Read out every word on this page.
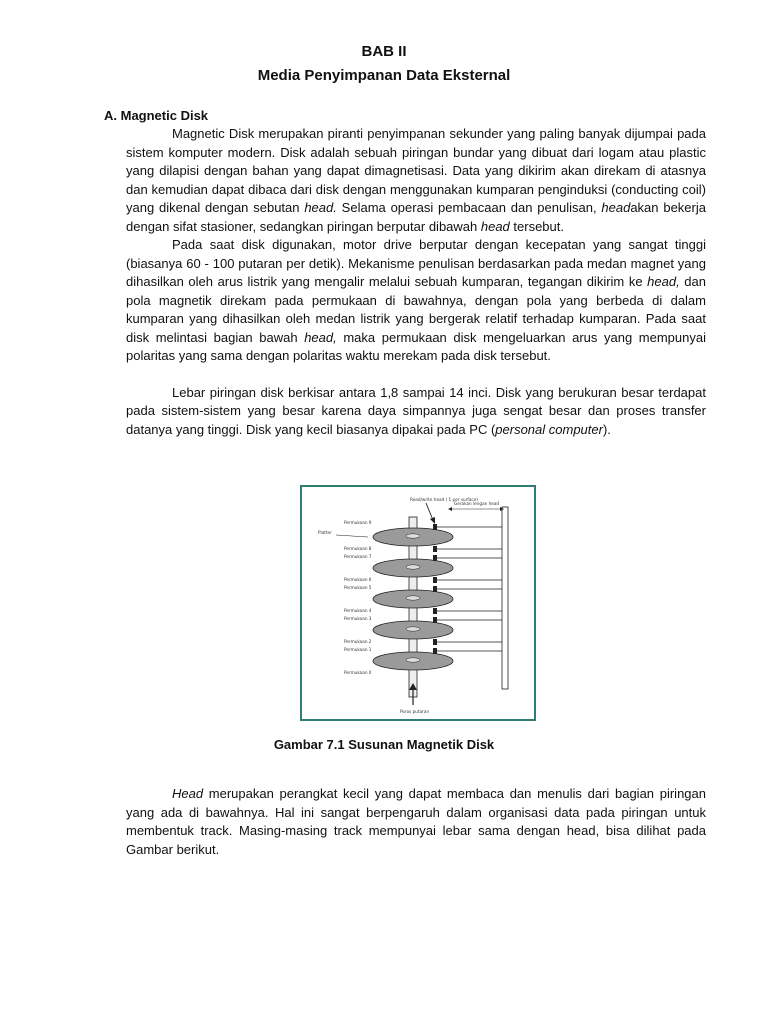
BAB II
Media Penyimpanan Data Eksternal
A. Magnetic Disk

Magnetic Disk merupakan piranti penyimpanan sekunder yang paling banyak dijumpai pada sistem komputer modern. Disk adalah sebuah piringan bundar yang dibuat dari logam atau plastic yang dilapisi dengan bahan yang dapat dimagnetisasi. Data yang dikirim akan direkam di atasnya dan kemudian dapat dibaca dari disk dengan menggunakan kumparan penginduksi (conducting coil) yang dikenal dengan sebutan head. Selama operasi pembacaan dan penulisan, headakan bekerja dengan sifat stasioner, sedangkan piringan berputar dibawah head tersebut.

Pada saat disk digunakan, motor drive berputar dengan kecepatan yang sangat tinggi (biasanya 60 - 100 putaran per detik). Mekanisme penulisan berdasarkan pada medan magnet yang dihasilkan oleh arus listrik yang mengalir melalui sebuah kumparan, tegangan dikirim ke head, dan pola magnetik direkam pada permukaan di bawahnya, dengan pola yang berbeda di dalam kumparan yang dihasilkan oleh medan listrik yang bergerak relatif terhadap kumparan. Pada saat disk melintasi bagian bawah head, maka permukaan disk mengeluarkan arus yang mempunyai polaritas yang sama dengan polaritas waktu merekam pada disk tersebut.

Lebar piringan disk berkisar antara 1,8 sampai 14 inci. Disk yang berukuran besar terdapat pada sistem-sistem yang besar karena daya simpannya juga sengat besar dan proses transfer datanya yang tinggi. Disk yang kecil biasanya dipakai pada PC (personal computer).

Read/write head ( 1 per surface)
Gerakan lengan head
Platter
Permukaan 9
Permukaan 8
Permukaan 7
Permukaan 6
Permukaan 5
Permukaan 4
Permukaan 3
Permukaan 2
Permukaan 1
Permukaan 0
Poros putaran
Gambar 7.1 Susunan Magnetik Disk

Head merupakan perangkat kecil yang dapat membaca dan menulis dari bagian piringan yang ada di bawahnya. Hal ini sangat berpengaruh dalam organisasi data pada piringan untuk membentuk track. Masing-masing track mempunyai lebar sama dengan head, bisa dilihat pada Gambar berikut.
